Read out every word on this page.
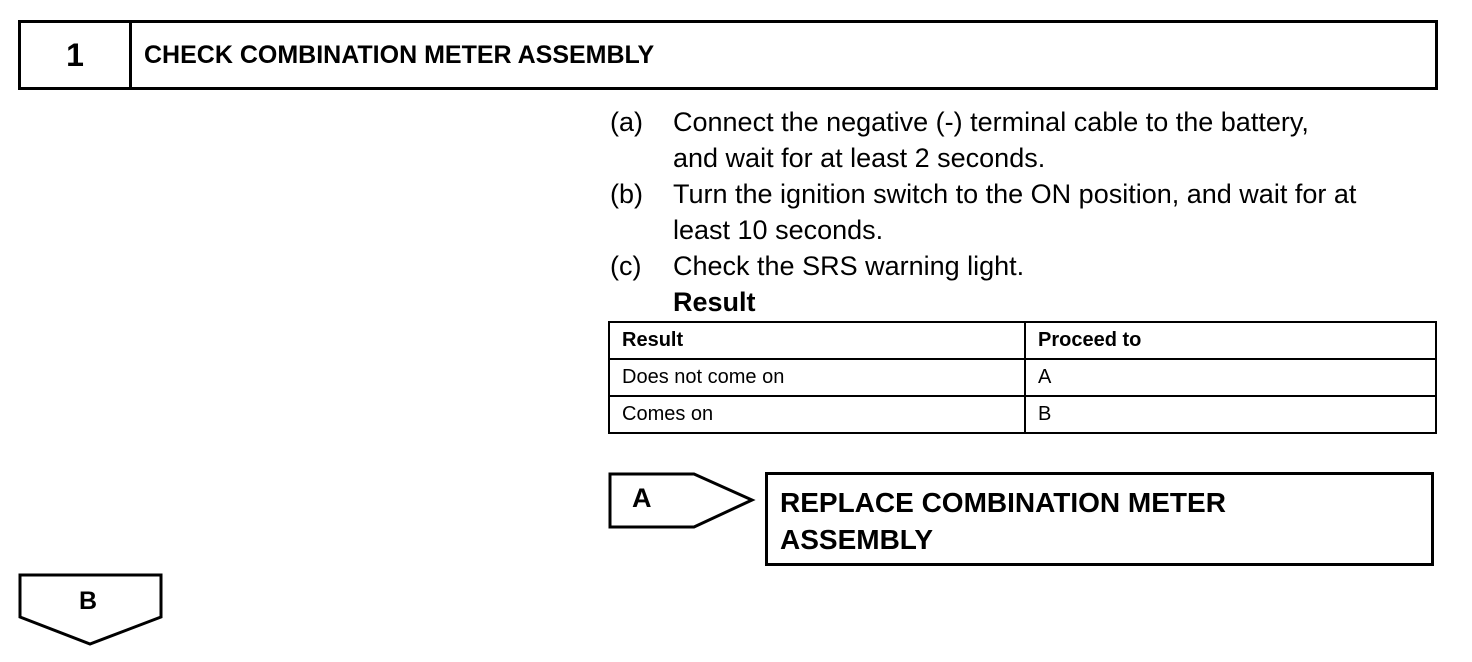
1	CHECK COMBINATION METER ASSEMBLY
(a)	Connect the negative (-) terminal cable to the battery,
and wait for at least 2 seconds.
(b)	Turn the ignition switch to the ON position, and wait for at
least 10 seconds.
(c)	Check the SRS warning light.
Result
Result	Proceed to
Does not come on	A
Comes on	B
A	REPLACE COMBINATION METER
ASSEMBLY
B
